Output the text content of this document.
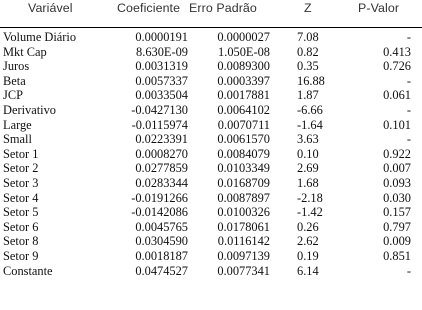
Variável	Coeficiente	Erro Padrão	Z	P-Valor
Volume Diário	0.0000191	0.0000027	7.08	-
Mkt Cap	8.630E-09	1.050E-08	0.82	0.413
Juros	0.0031319	0.0089300	0.35	0.726
Beta	0.0057337	0.0003397	16.88	-
JCP	0.0033504	0.0017881	1.87	0.061
Derivativo	-0.0427130	0.0064102	-6.66	-
Large	-0.0115974	0.0070711	-1.64	0.101
Small	0.0223391	0.0061570	3.63	-
Setor 1	0.0008270	0.0084079	0.10	0.922
Setor 2	0.0277859	0.0103349	2.69	0.007
Setor 3	0.0283344	0.0168709	1.68	0.093
Setor 4	-0.0191266	0.0087897	-2.18	0.030
Setor 5	-0.0142086	0.0100326	-1.42	0.157
Setor 6	0.0045765	0.0178061	0.26	0.797
Setor 8	0.0304590	0.0116142	2.62	0.009
Setor 9	0.0018187	0.0097139	0.19	0.851
Constante	0.0474527	0.0077341	6.14	-
